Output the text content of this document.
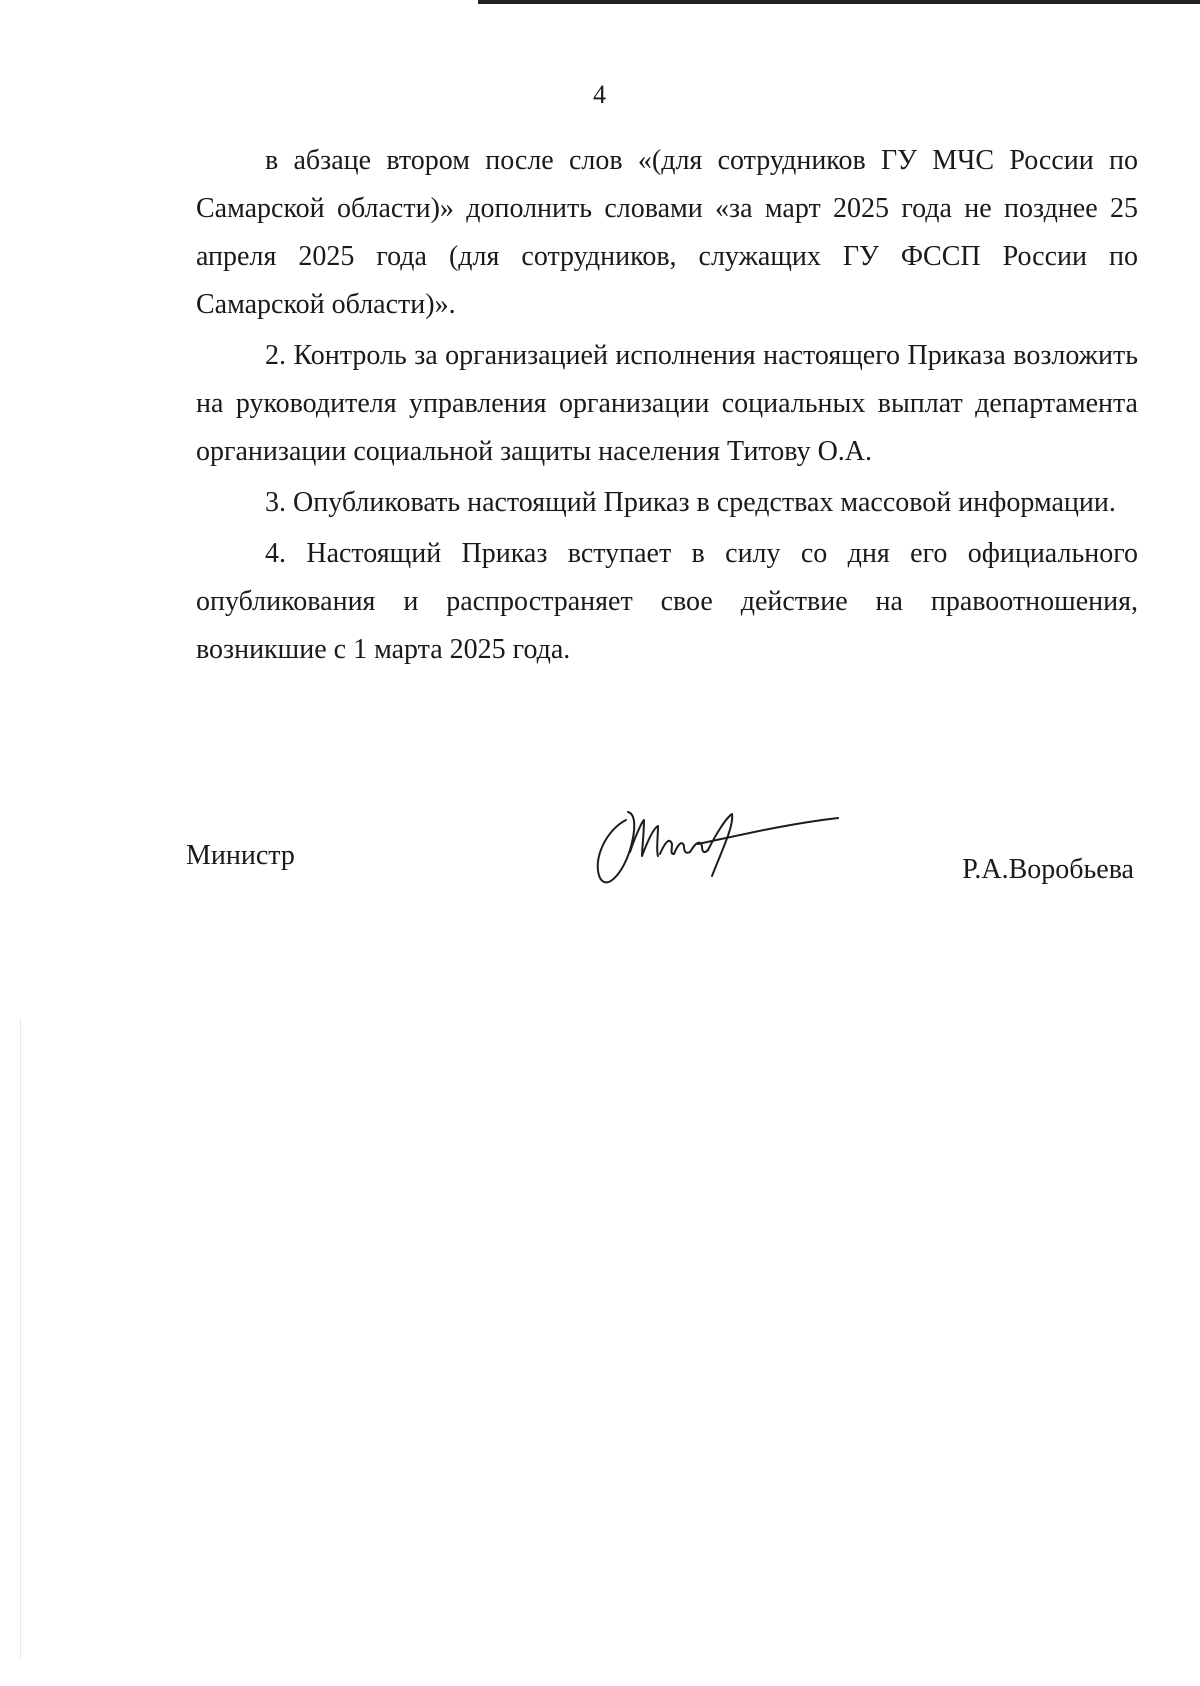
4

в абзаце втором после слов «(для сотрудников ГУ МЧС России по Самарской области)» дополнить словами «за март 2025 года не позднее 25 апреля 2025 года (для сотрудников, служащих ГУ ФССП России по Самарской области)».

2. Контроль за организацией исполнения настоящего Приказа возложить на руководителя управления организации социальных выплат департамента организации социальной защиты населения Титову О.А.

3. Опубликовать настоящий Приказ в средствах массовой информации.

4. Настоящий Приказ вступает в силу со дня его официального опубликования и распространяет свое действие на правоотношения, возникшие с 1 марта 2025 года.

Министр	Р.А.Воробьева
